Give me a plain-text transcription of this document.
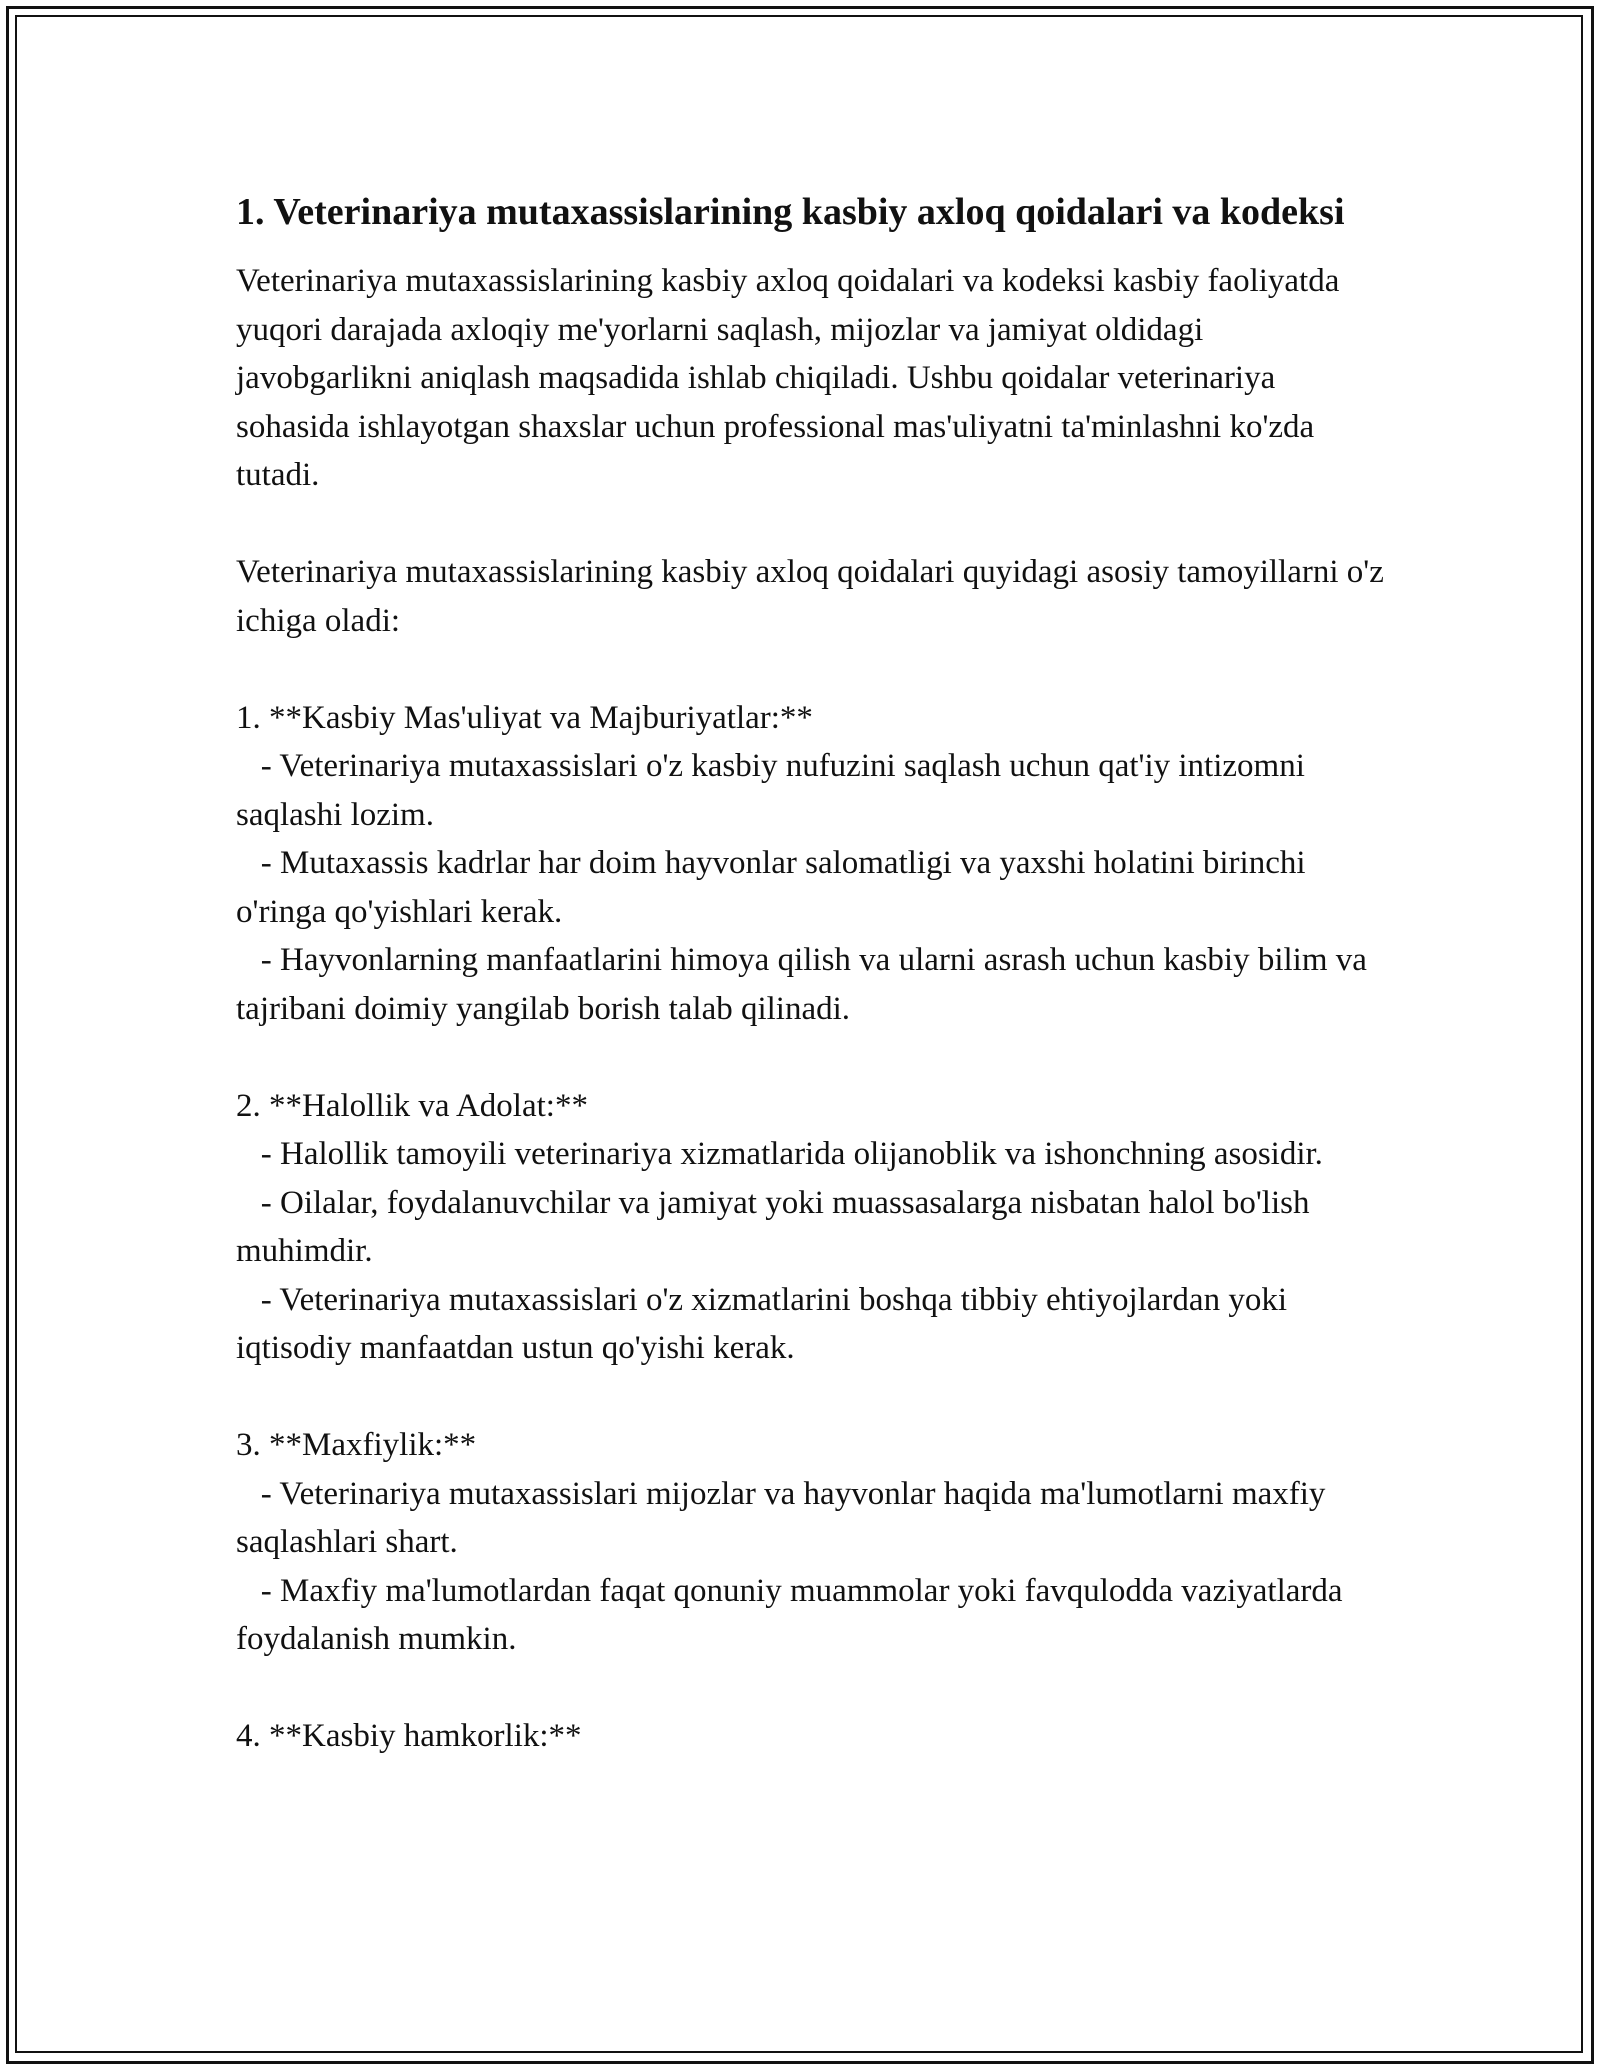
1. Veterinariya mutaxassislarining kasbiy axloq qoidalari va kodeksi

Veterinariya mutaxassislarining kasbiy axloq qoidalari va kodeksi kasbiy faoliyatda yuqori darajada axloqiy me'yorlarni saqlash, mijozlar va jamiyat oldidagi javobgarlikni aniqlash maqsadida ishlab chiqiladi. Ushbu qoidalar veterinariya sohasida ishlayotgan shaxslar uchun professional mas'uliyatni ta'minlashni ko'zda tutadi.

Veterinariya mutaxassislarining kasbiy axloq qoidalari quyidagi asosiy tamoyillarni o'z ichiga oladi:

1. **Kasbiy Mas'uliyat va Majburiyatlar:**

- Veterinariya mutaxassislari o'z kasbiy nufuzini saqlash uchun qat'iy intizomni saqlashi lozim.

- Mutaxassis kadrlar har doim hayvonlar salomatligi va yaxshi holatini birinchi o'ringa qo'yishlari kerak.

- Hayvonlarning manfaatlarini himoya qilish va ularni asrash uchun kasbiy bilim va tajribani doimiy yangilab borish talab qilinadi.

2. **Halollik va Adolat:**

- Halollik tamoyili veterinariya xizmatlarida olijanoblik va ishonchning asosidir.

- Oilalar, foydalanuvchilar va jamiyat yoki muassasalarga nisbatan halol bo'lish muhimdir.

- Veterinariya mutaxassislari o'z xizmatlarini boshqa tibbiy ehtiyojlardan yoki iqtisodiy manfaatdan ustun qo'yishi kerak.

3. **Maxfiylik:**

- Veterinariya mutaxassislari mijozlar va hayvonlar haqida ma'lumotlarni maxfiy saqlashlari shart.

- Maxfiy ma'lumotlardan faqat qonuniy muammolar yoki favqulodda vaziyatlarda foydalanish mumkin.

4. **Kasbiy hamkorlik:**
